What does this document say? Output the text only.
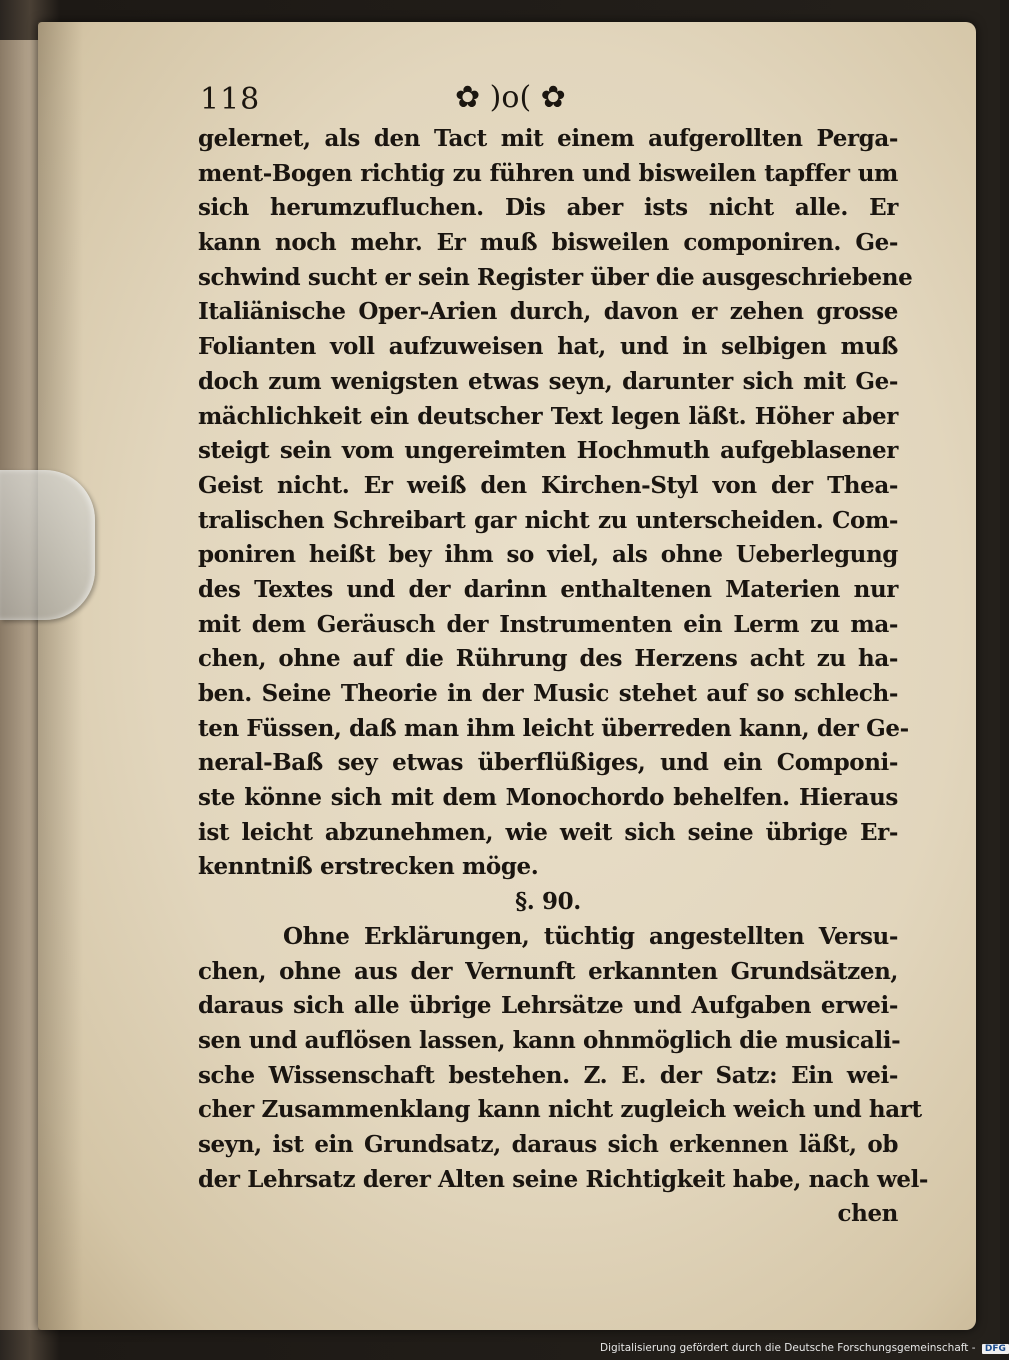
118	✿ )o( ✿
gelernet, als den Tact mit einem aufgerollten Perga-
ment-Bogen richtig zu führen und bisweilen tapffer um
sich herumzufluchen. Dis aber ists nicht alle. Er
kann noch mehr. Er muß bisweilen componiren. Ge-
schwind sucht er sein Register über die ausgeschriebene
Italiänische Oper-Arien durch, davon er zehen grosse
Folianten voll aufzuweisen hat, und in selbigen muß
doch zum wenigsten etwas seyn, darunter sich mit Ge-
mächlichkeit ein deutscher Text legen läßt. Höher aber
steigt sein vom ungereimten Hochmuth aufgeblasener
Geist nicht. Er weiß den Kirchen-Styl von der Thea-
tralischen Schreibart gar nicht zu unterscheiden. Com-
poniren heißt bey ihm so viel, als ohne Ueberlegung
des Textes und der darinn enthaltenen Materien nur
mit dem Geräusch der Instrumenten ein Lerm zu ma-
chen, ohne auf die Rührung des Herzens acht zu ha-
ben. Seine Theorie in der Music stehet auf so schlech-
ten Füssen, daß man ihm leicht überreden kann, der Ge-
neral-Baß sey etwas überflüßiges, und ein Componi-
ste könne sich mit dem Monochordo behelfen. Hieraus
ist leicht abzunehmen, wie weit sich seine übrige Er-
kenntniß erstrecken möge.
§. 90.
Ohne Erklärungen, tüchtig angestellten Versu-
chen, ohne aus der Vernunft erkannten Grundsätzen,
daraus sich alle übrige Lehrsätze und Aufgaben erwei-
sen und auflösen lassen, kann ohnmöglich die musicali-
sche Wissenschaft bestehen. Z. E. der Satz: Ein wei-
cher Zusammenklang kann nicht zugleich weich und hart
seyn, ist ein Grundsatz, daraus sich erkennen läßt, ob
der Lehrsatz derer Alten seine Richtigkeit habe, nach wel-
chen
Digitalisierung gefördert durch die Deutsche Forschungsgemeinschaft - DFG
